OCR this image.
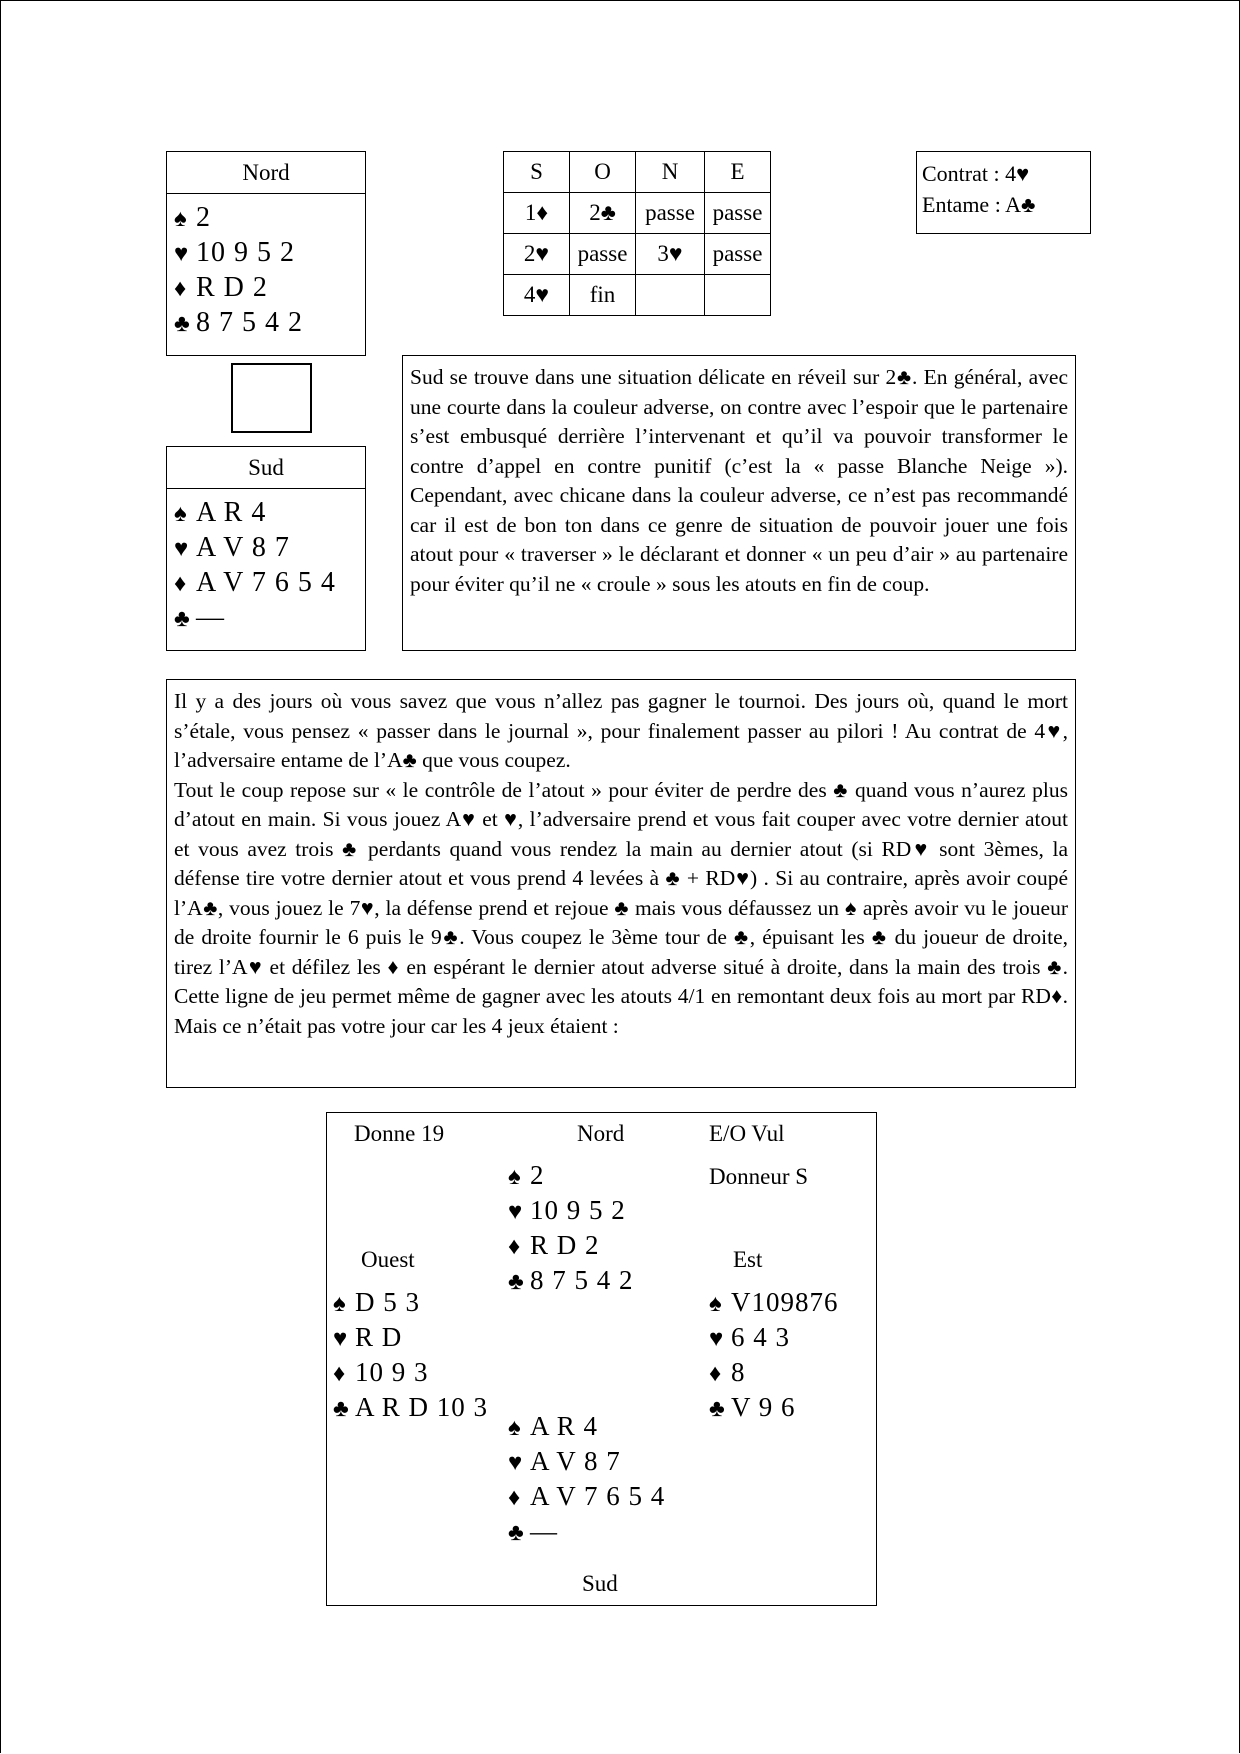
Nord
♠ 2
♥ 10 9 5 2
♦ R D 2
♣ 8 7 5 4 2
Sud
♠ A R 4
♥ A V 8 7
♦ A V 7 6 5 4
♣ —
S	O	N	E
1♦	2♣	passe	passe
2♥	passe	3♥	passe
4♥	fin		
Contrat : 4♥
Entame : A♣
Sud se trouve dans une situation délicate en réveil sur 2♣. En général, avec une courte dans la couleur adverse, on contre avec l’espoir que le partenaire s’est embusqué derrière l’intervenant et qu’il va pouvoir transformer le contre d’appel en contre punitif (c’est la « passe Blanche Neige »). Cependant, avec chicane dans la couleur adverse, ce n’est pas recommandé car il est de bon ton dans ce genre de situation de pouvoir jouer une fois atout pour « traverser » le déclarant et donner « un peu d’air » au partenaire pour éviter qu’il ne « croule » sous les atouts en fin de coup.
Il y a des jours où vous savez que vous n’allez pas gagner le tournoi. Des jours où, quand le mort s’étale, vous pensez « passer dans le journal », pour finalement passer au pilori ! Au contrat de 4♥, l’adversaire entame de l’A♣ que vous coupez.
Tout le coup repose sur « le contrôle de l’atout » pour éviter de perdre des ♣ quand vous n’aurez plus d’atout en main. Si vous jouez A♥ et ♥, l’adversaire prend et vous fait couper avec votre dernier atout et vous avez trois ♣ perdants quand vous rendez la main au dernier atout (si RD♥ sont 3èmes, la défense tire votre dernier atout et vous prend 4 levées à ♣ + RD♥) . Si au contraire, après avoir coupé l’A♣, vous jouez le 7♥, la défense prend et rejoue ♣ mais vous défaussez un ♠ après avoir vu le joueur de droite fournir le 6 puis le 9♣. Vous coupez le 3ème tour de ♣, épuisant les ♣ du joueur de droite, tirez l’A♥ et défilez les ♦ en espérant le dernier atout adverse situé à droite, dans la main des trois ♣. Cette ligne de jeu permet même de gagner avec les atouts 4/1 en remontant deux fois au mort par RD♦. Mais ce n’était pas votre jour car les 4 jeux étaient :
Donne 19	Nord	E/O Vul
Donneur S
Ouest	Est
Sud
♠ 2
♥ 10 9 5 2
♦ R D 2
♣ 8 7 5 4 2
♠ D 5 3
♥ R D
♦ 10 9 3
♣ A R D 10 3
♠ V109876
♥ 6 4 3
♦ 8
♣ V 9 6
♠ A R 4
♥ A V 8 7
♦ A V 7 6 5 4
♣ —
